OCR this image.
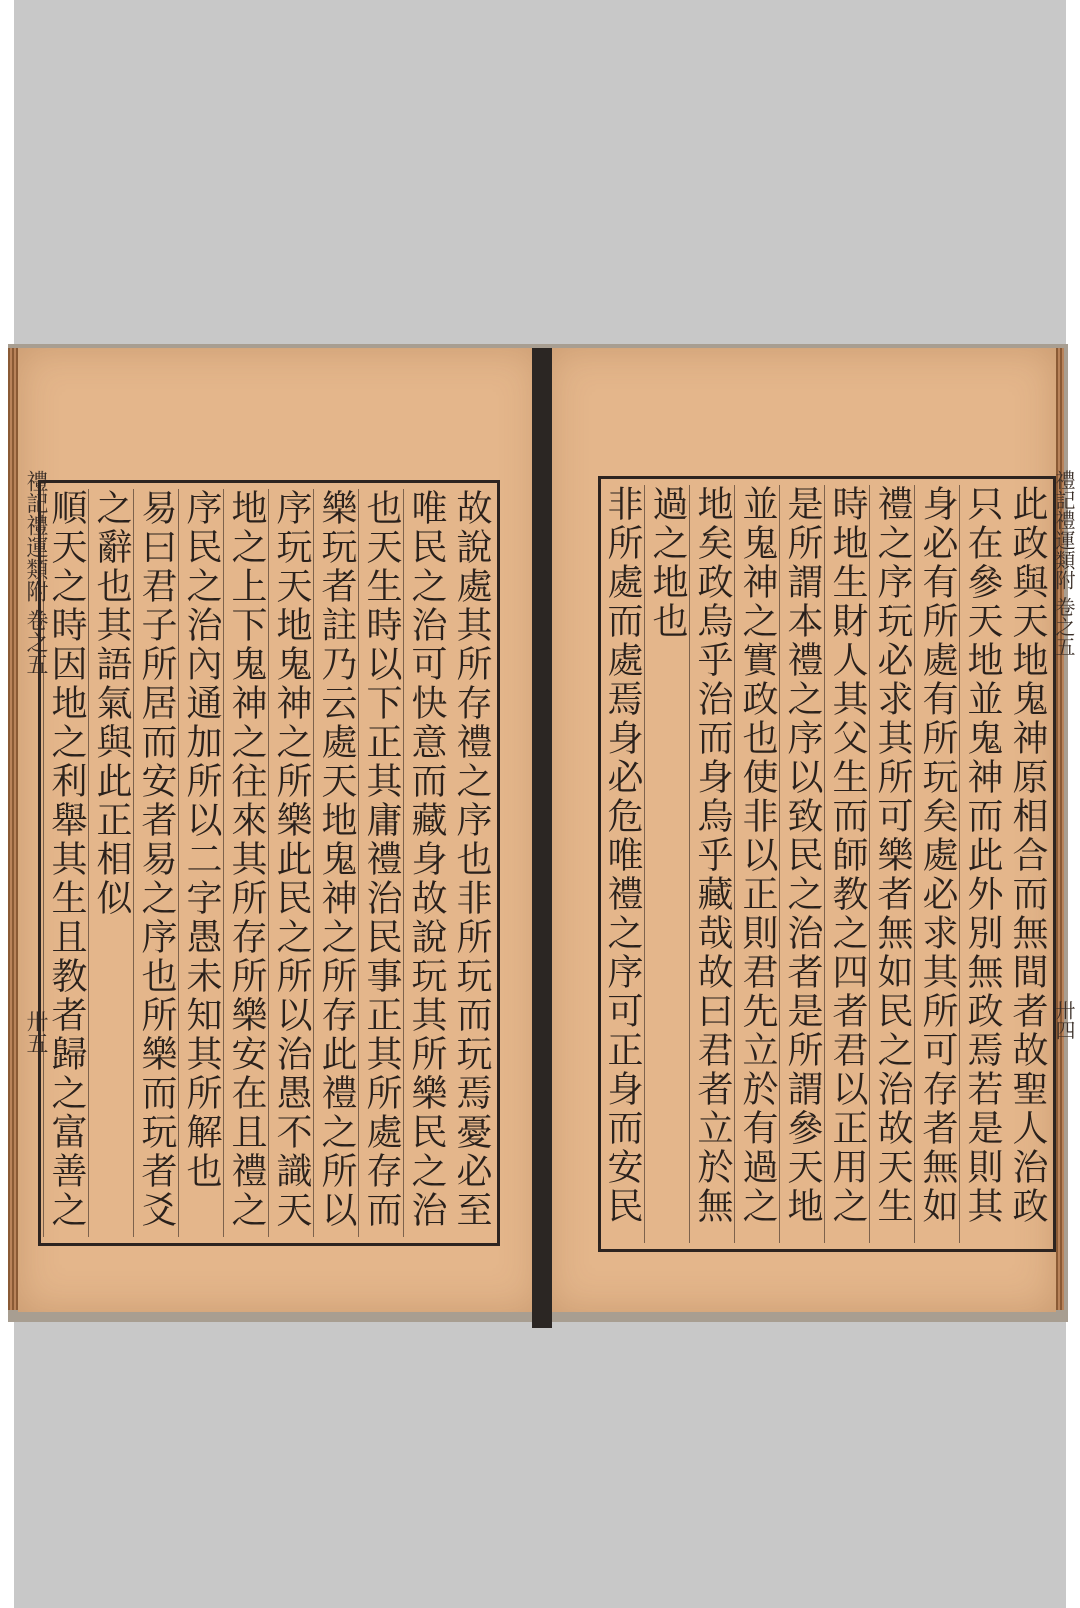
禮記禮運類附 卷之五
卅五	故說處其所存禮之序也非所玩而玩焉憂必至
唯民之治可快意而藏身故說玩其所樂民之治
也天生時以下正其庸禮治民事正其所處存而
樂玩者註乃云處天地鬼神之所存此禮之所以
序玩天地鬼神之所樂此民之所以治愚不識天
地之上下鬼神之往來其所存所樂安在且禮之
序民之治內通加所以二字愚未知其所解也
易曰君子所居而安者易之序也所樂而玩者爻
之辭也其語氣與此正相似
順天之時因地之利舉其生且教者歸之富善之	禮記禮運類附 卷之五
卅四
此政與天地鬼神原相合而無間者故聖人治政
只在參天地並鬼神而此外別無政焉若是則其
身必有所處有所玩矣處必求其所可存者無如
禮之序玩必求其所可樂者無如民之治故天生
時地生財人其父生而師教之四者君以正用之
是所謂本禮之序以致民之治者是所謂參天地
並鬼神之實政也使非以正則君先立於有過之
地矣政烏乎治而身烏乎藏哉故曰君者立於無
過之地也
非所處而處焉身必危唯禮之序可正身而安民
